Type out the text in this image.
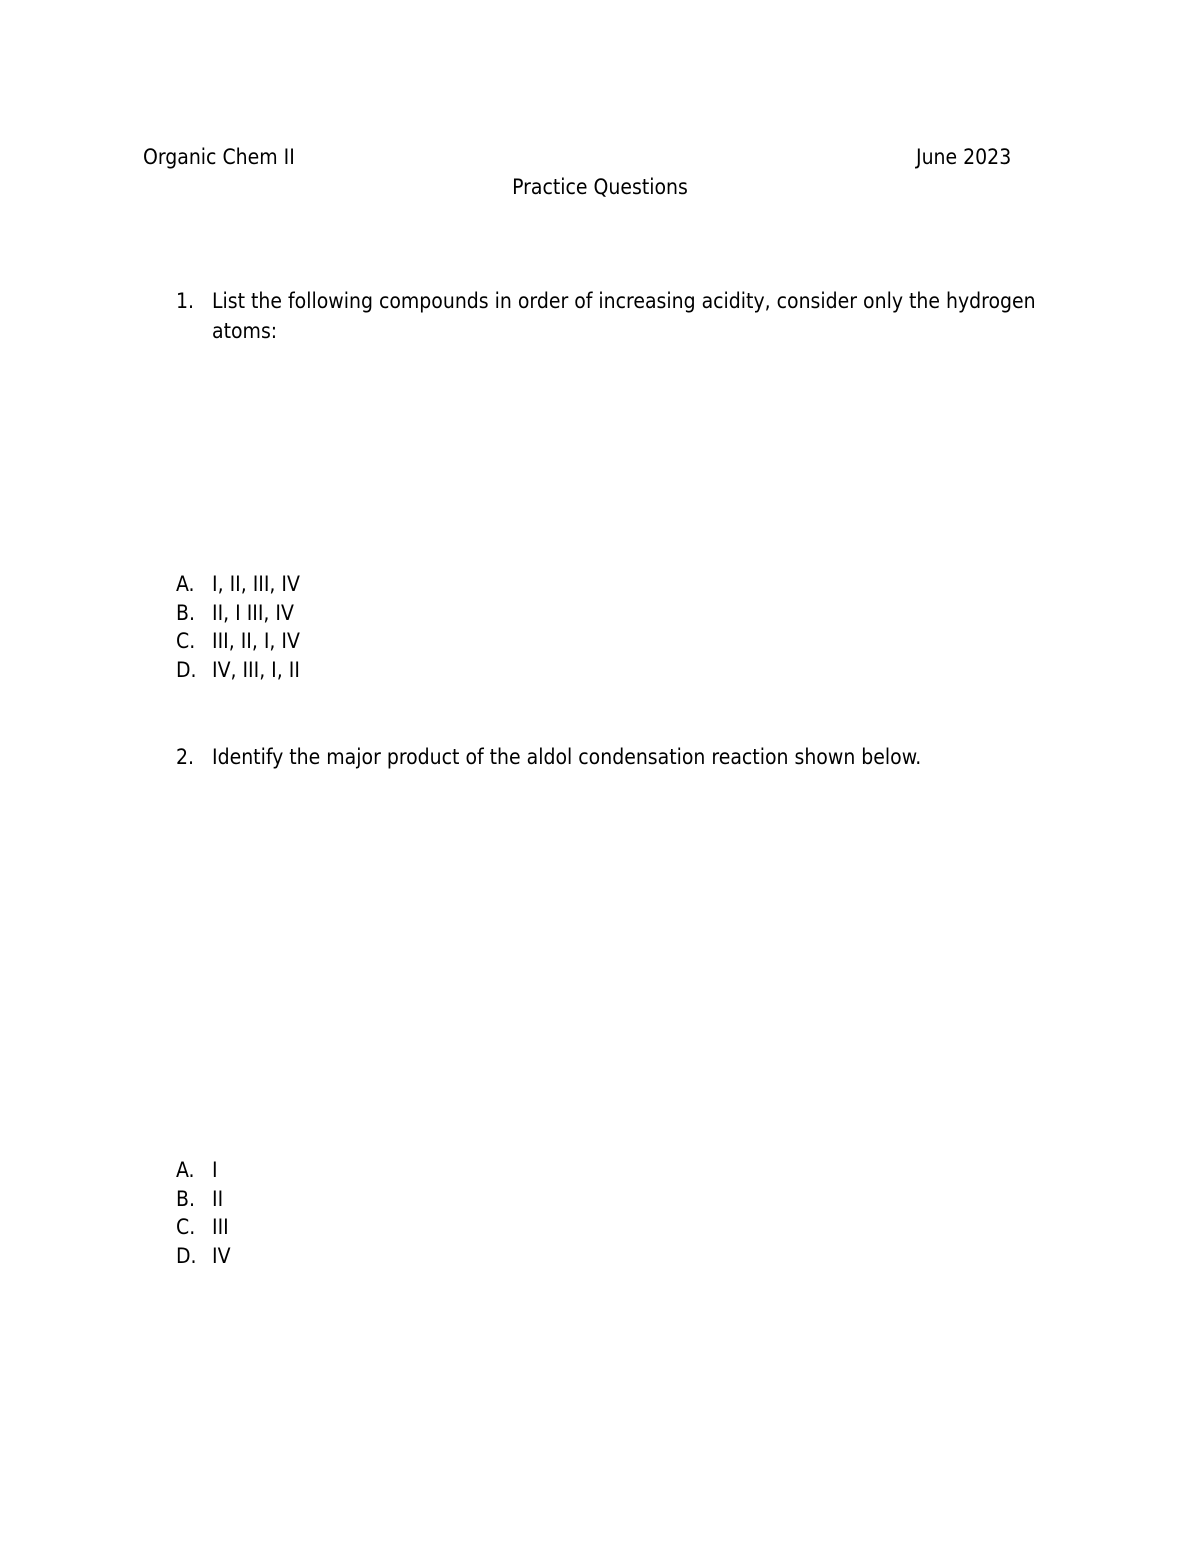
Organic Chem II	June 2023
Practice Questions
1. List the following compounds in order of increasing acidity, consider only the hydrogen atoms:
A. I, II, III, IV
B. II, I III, IV
C. III, II, I, IV
D. IV, III, I, II
2. Identify the major product of the aldol condensation reaction shown below.
A. I
B. II
C. III
D. IV
